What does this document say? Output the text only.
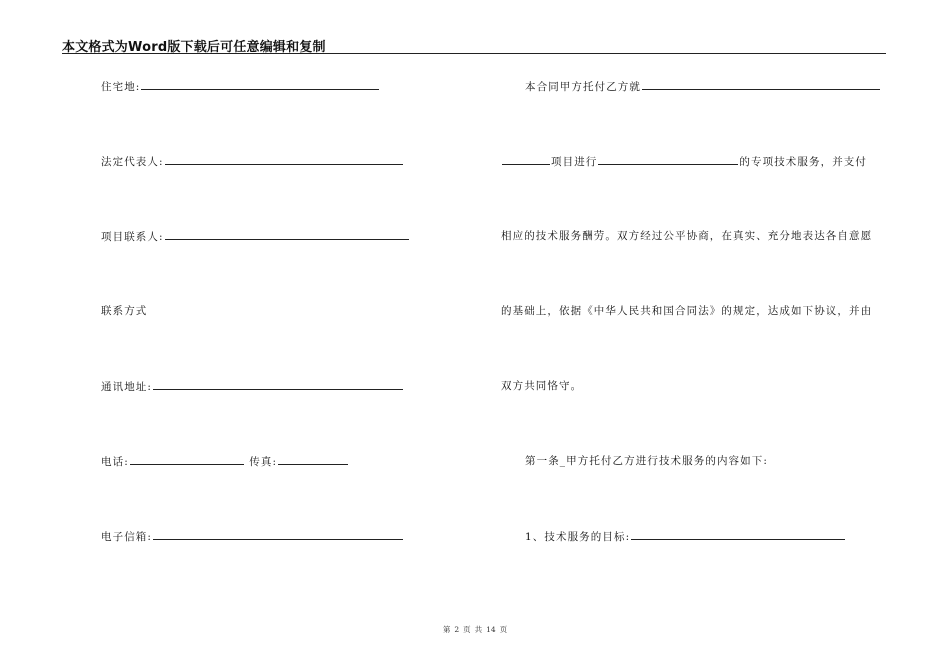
本文格式为Word版下载后可任意编辑和复制
住宅地:
法定代表人:
项目联系人:
联系方式
通讯地址:
电话:	传真:
电子信箱:
本合同甲方托付乙方就
项目进行	的专项技术服务，并支付
相应的技术服务酬劳。双方经过公平协商，在真实、充分地表达各自意愿
的基础上，依据《中华人民共和国合同法》的规定，达成如下协议，并由
双方共同恪守。
第一条_甲方托付乙方进行技术服务的内容如下:
1、技术服务的目标:
第 2 页 共 14 页
